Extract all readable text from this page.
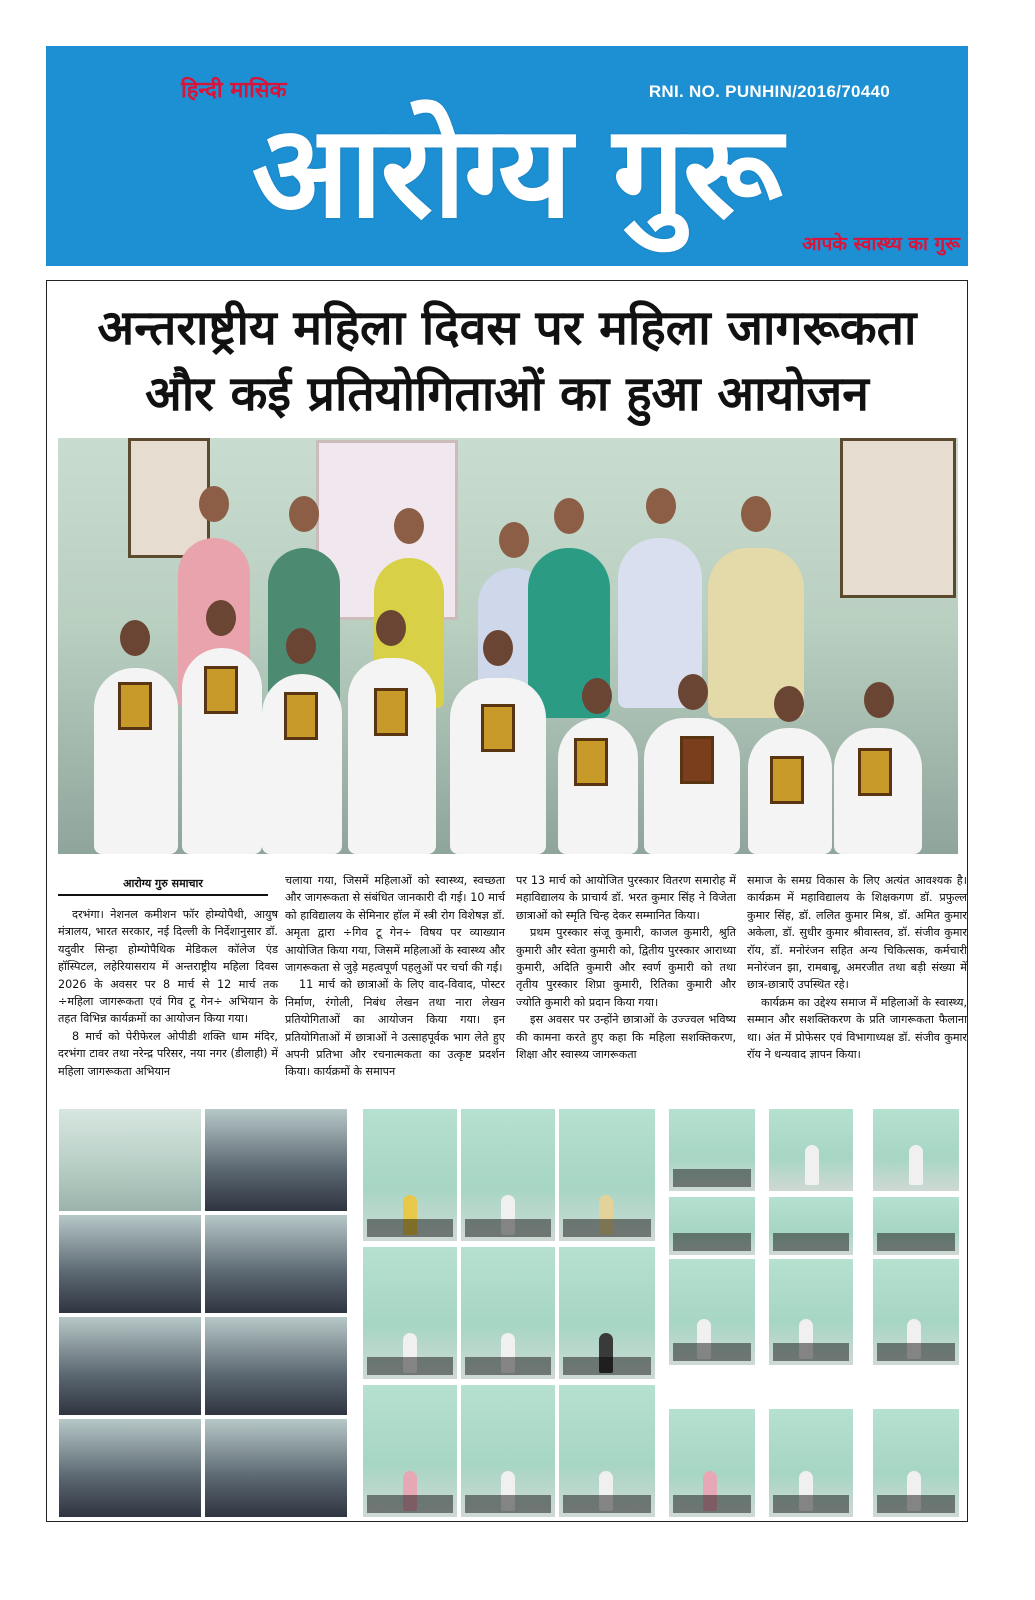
हिन्दी मासिक	RNI. NO. PUNHIN/2016/70440
आरोग्य गुरू	आपके स्वास्थ्य का गुरू
अन्तराष्ट्रीय महिला दिवस पर महिला जागरूकता
और कई प्रतियोगिताओं का हुआ आयोजन
आरोग्य गुरु समाचार

दरभंगा। नेशनल कमीशन फॉर होम्योपैथी, आयुष मंत्रालय, भारत सरकार, नई दिल्ली के निर्देशानुसार डॉ. यदुवीर सिन्हा होम्योपैथिक मेडिकल कॉलेज एंड हॉस्पिटल, लहेरियासराय में अन्तराष्ट्रीय महिला दिवस 2026 के अवसर पर 8 मार्च से 12 मार्च तक ÷महिला जागरूकता एवं गिव टू गेन÷ अभियान के तहत विभिन्न कार्यक्रमों का आयोजन किया गया।

8 मार्च को पेरीफेरल ओपीडी शक्ति धाम मंदिर, दरभंगा टावर तथा नरेन्द्र परिसर, नया नगर (डीलाही) में महिला जागरूकता अभियान

चलाया गया, जिसमें महिलाओं को स्वास्थ्य, स्वच्छता और जागरूकता से संबंधित जानकारी दी गई। 10 मार्च को हाविद्यालय के सेमिनार हॉल में स्त्री रोग विशेषज्ञ डॉ. अमृता द्वारा ÷गिव टू गेन÷ विषय पर व्याख्यान आयोजित किया गया, जिसमें महिलाओं के स्वास्थ्य और जागरूकता से जुड़े महत्वपूर्ण पहलुओं पर चर्चा की गई।

11 मार्च को छात्राओं के लिए वाद-विवाद, पोस्टर निर्माण, रंगोली, निबंध लेखन तथा नारा लेखन प्रतियोगिताओं का आयोजन किया गया। इन प्रतियोगिताओं में छात्राओं ने उत्साहपूर्वक भाग लेते हुए अपनी प्रतिभा और रचनात्मकता का उत्कृष्ट प्रदर्शन किया। कार्यक्रमों के समापन

पर 13 मार्च को आयोजित पुरस्कार वितरण समारोह में महाविद्यालय के प्राचार्य डॉ. भरत कुमार सिंह ने विजेता छात्राओं को स्मृति चिन्ह देकर सम्मानित किया।

प्रथम पुरस्कार संजू कुमारी, काजल कुमारी, श्रुति कुमारी और स्वेता कुमारी को, द्वितीय पुरस्कार आराध्या कुमारी, अदिति कुमारी और स्वर्ण कुमारी को तथा तृतीय पुरस्कार शिप्रा कुमारी, रितिका कुमारी और ज्योति कुमारी को प्रदान किया गया।

इस अवसर पर उन्होंने छात्राओं के उज्ज्वल भविष्य की कामना करते हुए कहा कि महिला सशक्तिकरण, शिक्षा और स्वास्थ्य जागरूकता

समाज के समग्र विकास के लिए अत्यंत आवश्यक है। कार्यक्रम में महाविद्यालय के शिक्षकगण डॉ. प्रफुल्ल कुमार सिंह, डॉ. ललित कुमार मिश्र, डॉ. अमित कुमार अकेला, डॉ. सुधीर कुमार श्रीवास्तव, डॉ. संजीव कुमार रॉय, डॉ. मनोरंजन सहित अन्य चिकित्सक, कर्मचारी मनोरंजन झा, रामबाबू, अमरजीत तथा बड़ी संख्या में छात्र-छात्राएँ उपस्थित रहे।

कार्यक्रम का उद्देश्य समाज में महिलाओं के स्वास्थ्य, सम्मान और सशक्तिकरण के प्रति जागरूकता फैलाना था। अंत में प्रोफेसर एवं विभागाध्यक्ष डॉ. संजीव कुमार रॉय ने धन्यवाद ज्ञापन किया।
